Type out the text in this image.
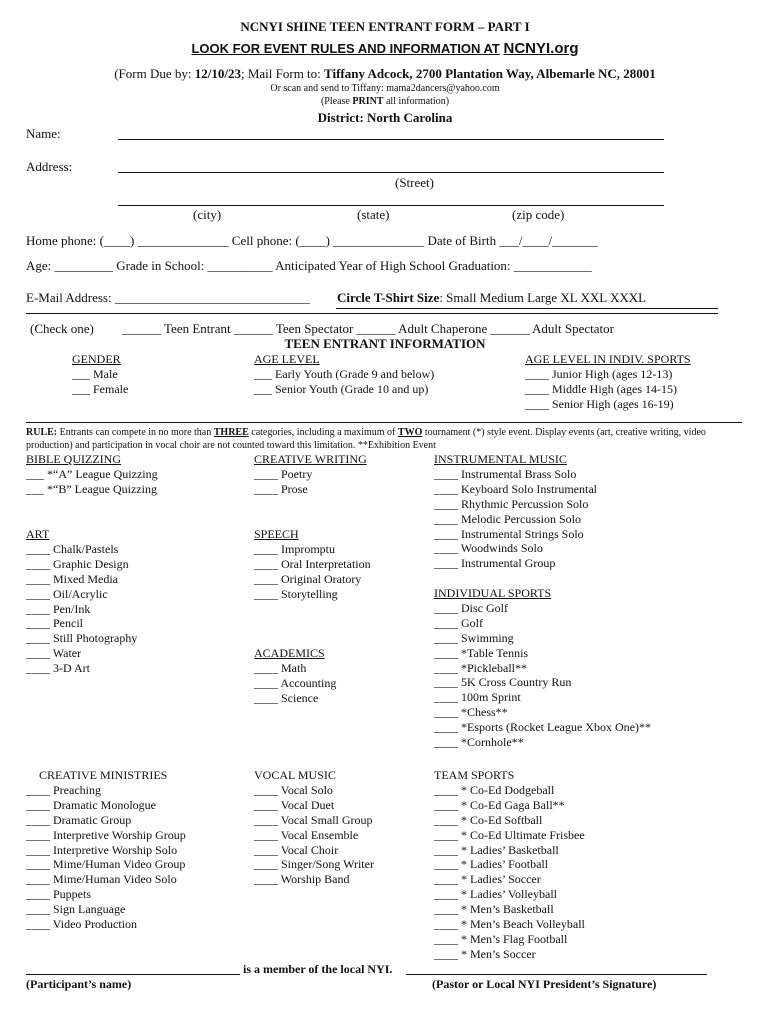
NCNYI SHINE TEEN ENTRANT FORM – PART I
LOOK FOR EVENT RULES AND INFORMATION AT NCNYI.org
(Form Due by: 12/10/23; Mail Form to: Tiffany Adcock, 2700 Plantation Way, Albemarle NC, 28001
Or scan and send to Tiffany: mama2dancers@yahoo.com
(Please PRINT all information)
District: North Carolina
Name:
Address:
(Street)
(city)	(state)	(zip code)
Home phone: (____) ______________ Cell phone: (____) ______________ Date of Birth ___/____/_______
Age: _________ Grade in School: __________ Anticipated Year of High School Graduation: ____________
E-Mail Address: ______________________________ Circle T-Shirt Size: Small Medium Large XL XXL XXXL
(Check one) ______ Teen Entrant ______ Teen Spectator ______ Adult Chaperone ______ Adult Spectator
TEEN ENTRANT INFORMATION
GENDER
___ Male
___ Female
AGE LEVEL
___ Early Youth (Grade 9 and below)
___ Senior Youth (Grade 10 and up)
AGE LEVEL IN INDIV. SPORTS
____ Junior High (ages 12-13)
____ Middle High (ages 14-15)
____ Senior High (ages 16-19)
RULE: Entrants can compete in no more than THREE categories, including a maximum of TWO tournament (*) style event. Display events (art, creative writing, video production) and participation in vocal choir are not counted toward this limitation. **Exhibition Event
BIBLE QUIZZING
___ *“A” League Quizzing
___ *“B” League Quizzing
CREATIVE WRITING
____ Poetry
____ Prose
INSTRUMENTAL MUSIC
____ Instrumental Brass Solo
____ Keyboard Solo Instrumental
____ Rhythmic Percussion Solo
____ Melodic Percussion Solo
____ Instrumental Strings Solo
____ Woodwinds Solo
____ Instrumental Group
ART
____ Chalk/Pastels
____ Graphic Design
____ Mixed Media
____ Oil/Acrylic
____ Pen/Ink
____ Pencil
____ Still Photography
____ Water
____ 3-D Art
SPEECH
____ Impromptu
____ Oral Interpretation
____ Original Oratory
____ Storytelling	INDIVIDUAL SPORTS
____ Disc Golf
____ Golf
____ Swimming
____ *Table Tennis
____ *Pickleball**
____ 5K Cross Country Run
____ 100m Sprint
____ *Chess**
____ *Esports (Rocket League Xbox One)**
____ *Cornhole**
ACADEMICS
____ Math
____ Accounting
____ Science
CREATIVE MINISTRIES
____ Preaching
____ Dramatic Monologue
____ Dramatic Group
____ Interpretive Worship Group
____ Interpretive Worship Solo
____ Mime/Human Video Group
____ Mime/Human Video Solo
____ Puppets
____ Sign Language
____ Video Production
VOCAL MUSIC
____ Vocal Solo
____ Vocal Duet
____ Vocal Small Group
____ Vocal Ensemble
____ Vocal Choir
____ Singer/Song Writer
____ Worship Band
TEAM SPORTS
____ * Co-Ed Dodgeball
____ * Co-Ed Gaga Ball**
____ * Co-Ed Softball
____ * Co-Ed Ultimate Frisbee
____ * Ladies’ Basketball
____ * Ladies’ Football
____ * Ladies’ Soccer
____ * Ladies’ Volleyball
____ * Men’s Basketball
____ * Men’s Beach Volleyball
____ * Men’s Flag Football
____ * Men’s Soccer
is a member of the local NYI.
(Participant’s name)	(Pastor or Local NYI President’s Signature)
